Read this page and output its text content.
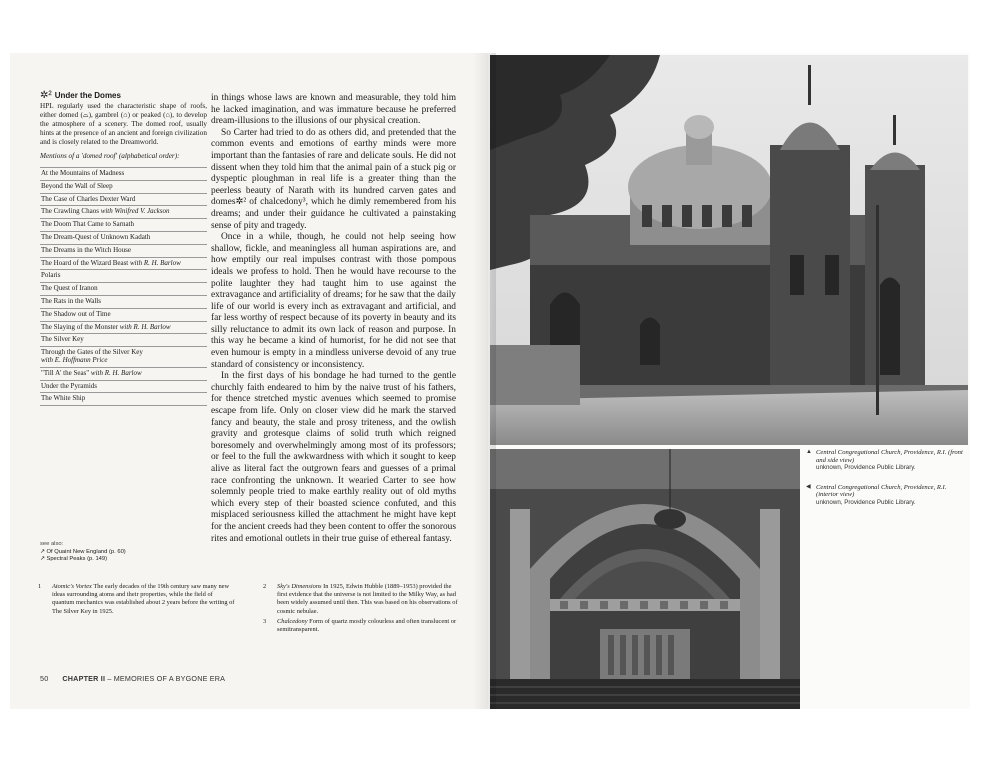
✲² Under the Domes

HPL regularly used the characteristic shape of roofs, either domed (⌓), gambrel (⌂) or peaked (⌂), to develop the atmosphere of a scenery. The domed roof, usually hints at the presence of an ancient and foreign civilization and is closely related to the Dreamworld.

Mentions of a 'domed roof' (alphabetical order):

At the Mountains of Madness
Beyond the Wall of Sleep
The Case of Charles Dexter Ward
The Crawling Chaos with Winifred V. Jackson
The Doom That Came to Sarnath
The Dream-Quest of Unknown Kadath
The Dreams in the Witch House
The Hoard of the Wizard Beast with R. H. Barlow
Polaris
The Quest of Iranon
The Rats in the Walls
The Shadow out of Time
The Slaying of the Monster with R. H. Barlow
The Silver Key
Through the Gates of the Silver Key
with E. Hoffmann Price
"Till A' the Seas" with R. H. Barlow
Under the Pyramids
The White Ship
see also:
↗ Of Quaint New England (p. 60)
↗ Spectral Peaks (p. 149)

in things whose laws are known and measurable, they told him he lacked imagination, and was immature because he preferred dream-illusions to the illusions of our physical creation.

So Carter had tried to do as others did, and pretended that the common events and emotions of earthy minds were more important than the fantasies of rare and delicate souls. He did not dissent when they told him that the animal pain of a stuck pig or dyspeptic ploughman in real life is a greater thing than the peerless beauty of Narath with its hundred carven gates and domes✲² of chalcedony³, which he dimly remembered from his dreams; and under their guidance he cultivated a painstaking sense of pity and tragedy.

Once in a while, though, he could not help seeing how shallow, fickle, and meaningless all human aspirations are, and how emptily our real impulses contrast with those pompous ideals we profess to hold. Then he would have recourse to the polite laughter they had taught him to use against the extravagance and artificiality of dreams; for he saw that the daily life of our world is every inch as extravagant and artificial, and far less worthy of respect because of its poverty in beauty and its silly reluctance to admit its own lack of reason and purpose. In this way he became a kind of humorist, for he did not see that even humour is empty in a mindless universe devoid of any true standard of consistency or inconsistency.

In the first days of his bondage he had turned to the gentle churchly faith endeared to him by the naive trust of his fathers, for thence stretched mystic avenues which seemed to promise escape from life. Only on closer view did he mark the starved fancy and beauty, the stale and prosy triteness, and the owlish gravity and grotesque claims of solid truth which reigned boresomely and overwhelmingly among most of its professors; or feel to the full the awkwardness with which it sought to keep alive as literal fact the outgrown fears and guesses of a primal race confronting the unknown. It wearied Carter to see how solemnly people tried to make earthly reality out of old myths which every step of their boasted science confuted, and this misplaced seriousness killed the attachment he might have kept for the ancient creeds had they been content to offer the sonorous rites and emotional outlets in their true guise of ethereal fantasy.

1 Atomic's Vortex The early decades of the 19th century saw many new ideas surrounding atoms and their properties, while the field of quantum mechanics was established about 2 years before the writing of The Silver Key in 1925.
2 Sky's Dimensions In 1925, Edwin Hubble (1889–1953) provided the first evidence that the universe is not limited to the Milky Way, as had been widely assumed until then. This was based on his observations of cosmic nebulae.
3 Chalcedony Form of quartz mostly colourless and often translucent or semitransparent.
50 CHAPTER II – MEMORIES OF A BYGONE ERA
▲ Central Congregational Church, Providence, R.I. (front and side view)
unknown, Providence Public Library.
◀ Central Congregational Church, Providence, R.I. (interior view)
unknown, Providence Public Library.
